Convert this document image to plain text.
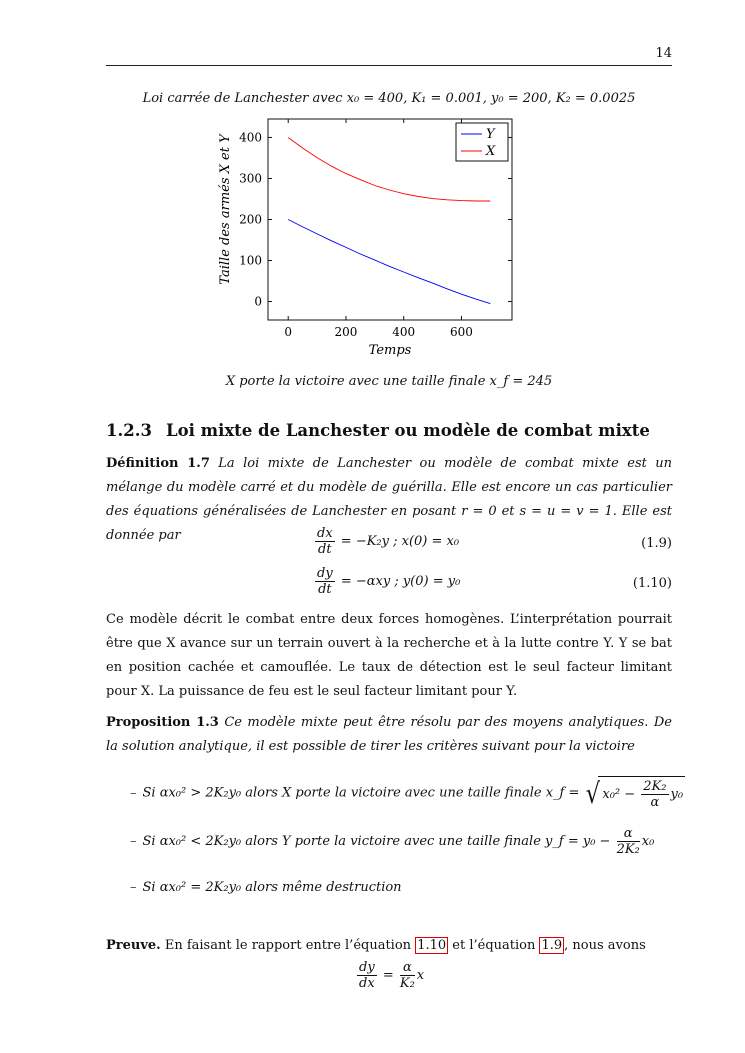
14
Loi carrée de Lanchester avec x₀ = 400, K₁ = 0.001, y₀ = 200, K₂ = 0.0025
0	200	400	600
0
100
200
300
400
Temps
Taille des armés X et Y	Y
X
X porte la victoire avec une taille finale x_f = 245
1.2.3 Loi mixte de Lanchester ou modèle de combat mixte
Définition 1.7 La loi mixte de Lanchester ou modèle de combat mixte est un mélange du modèle carré et du modèle de guérilla. Elle est encore un cas particulier des équations généralisées de Lanchester en posant r = 0 et s = u = v = 1. Elle est donnée par	$\frac{dx}{dt} = -K_2y$ ; x(0) = x₀	(1.9)
$\frac{dy}{dt} = -\alpha xy$ ; y(0) = y₀	(1.10)
Ce modèle décrit le combat entre deux forces homogènes. L’interprétation pourrait être que X avance sur un terrain ouvert à la recherche et à la lutte contre Y. Y se bat en position cachée et camouflée. Le taux de détection est le seul facteur limitant pour X. La puissance de feu est le seul facteur limitant pour Y.
Proposition 1.3 Ce modèle mixte peut être résolu par des moyens analytiques. De la solution analytique, il est possible de tirer les critères suivant pour la victoire
– Si αx₀² > 2K₂y₀ alors X porte la victoire avec une taille finale x_f = √ $x_0^2 - \frac{\text{2K₂}}{\alpha} y_0$
– Si αx₀² < 2K₂y₀ alors Y porte la victoire avec une taille finale y_f = $y_0 - \frac{\alpha}{\text{2K₂}} x_0$
– Si αx₀² = 2K₂y₀ alors même destruction
Preuve. En faisant le rapport entre l’équation 1.10 et l’équation 1.9 , nous avons
$\frac{dy}{dx} = \frac{\alpha}{\text{K₂}}$ x
